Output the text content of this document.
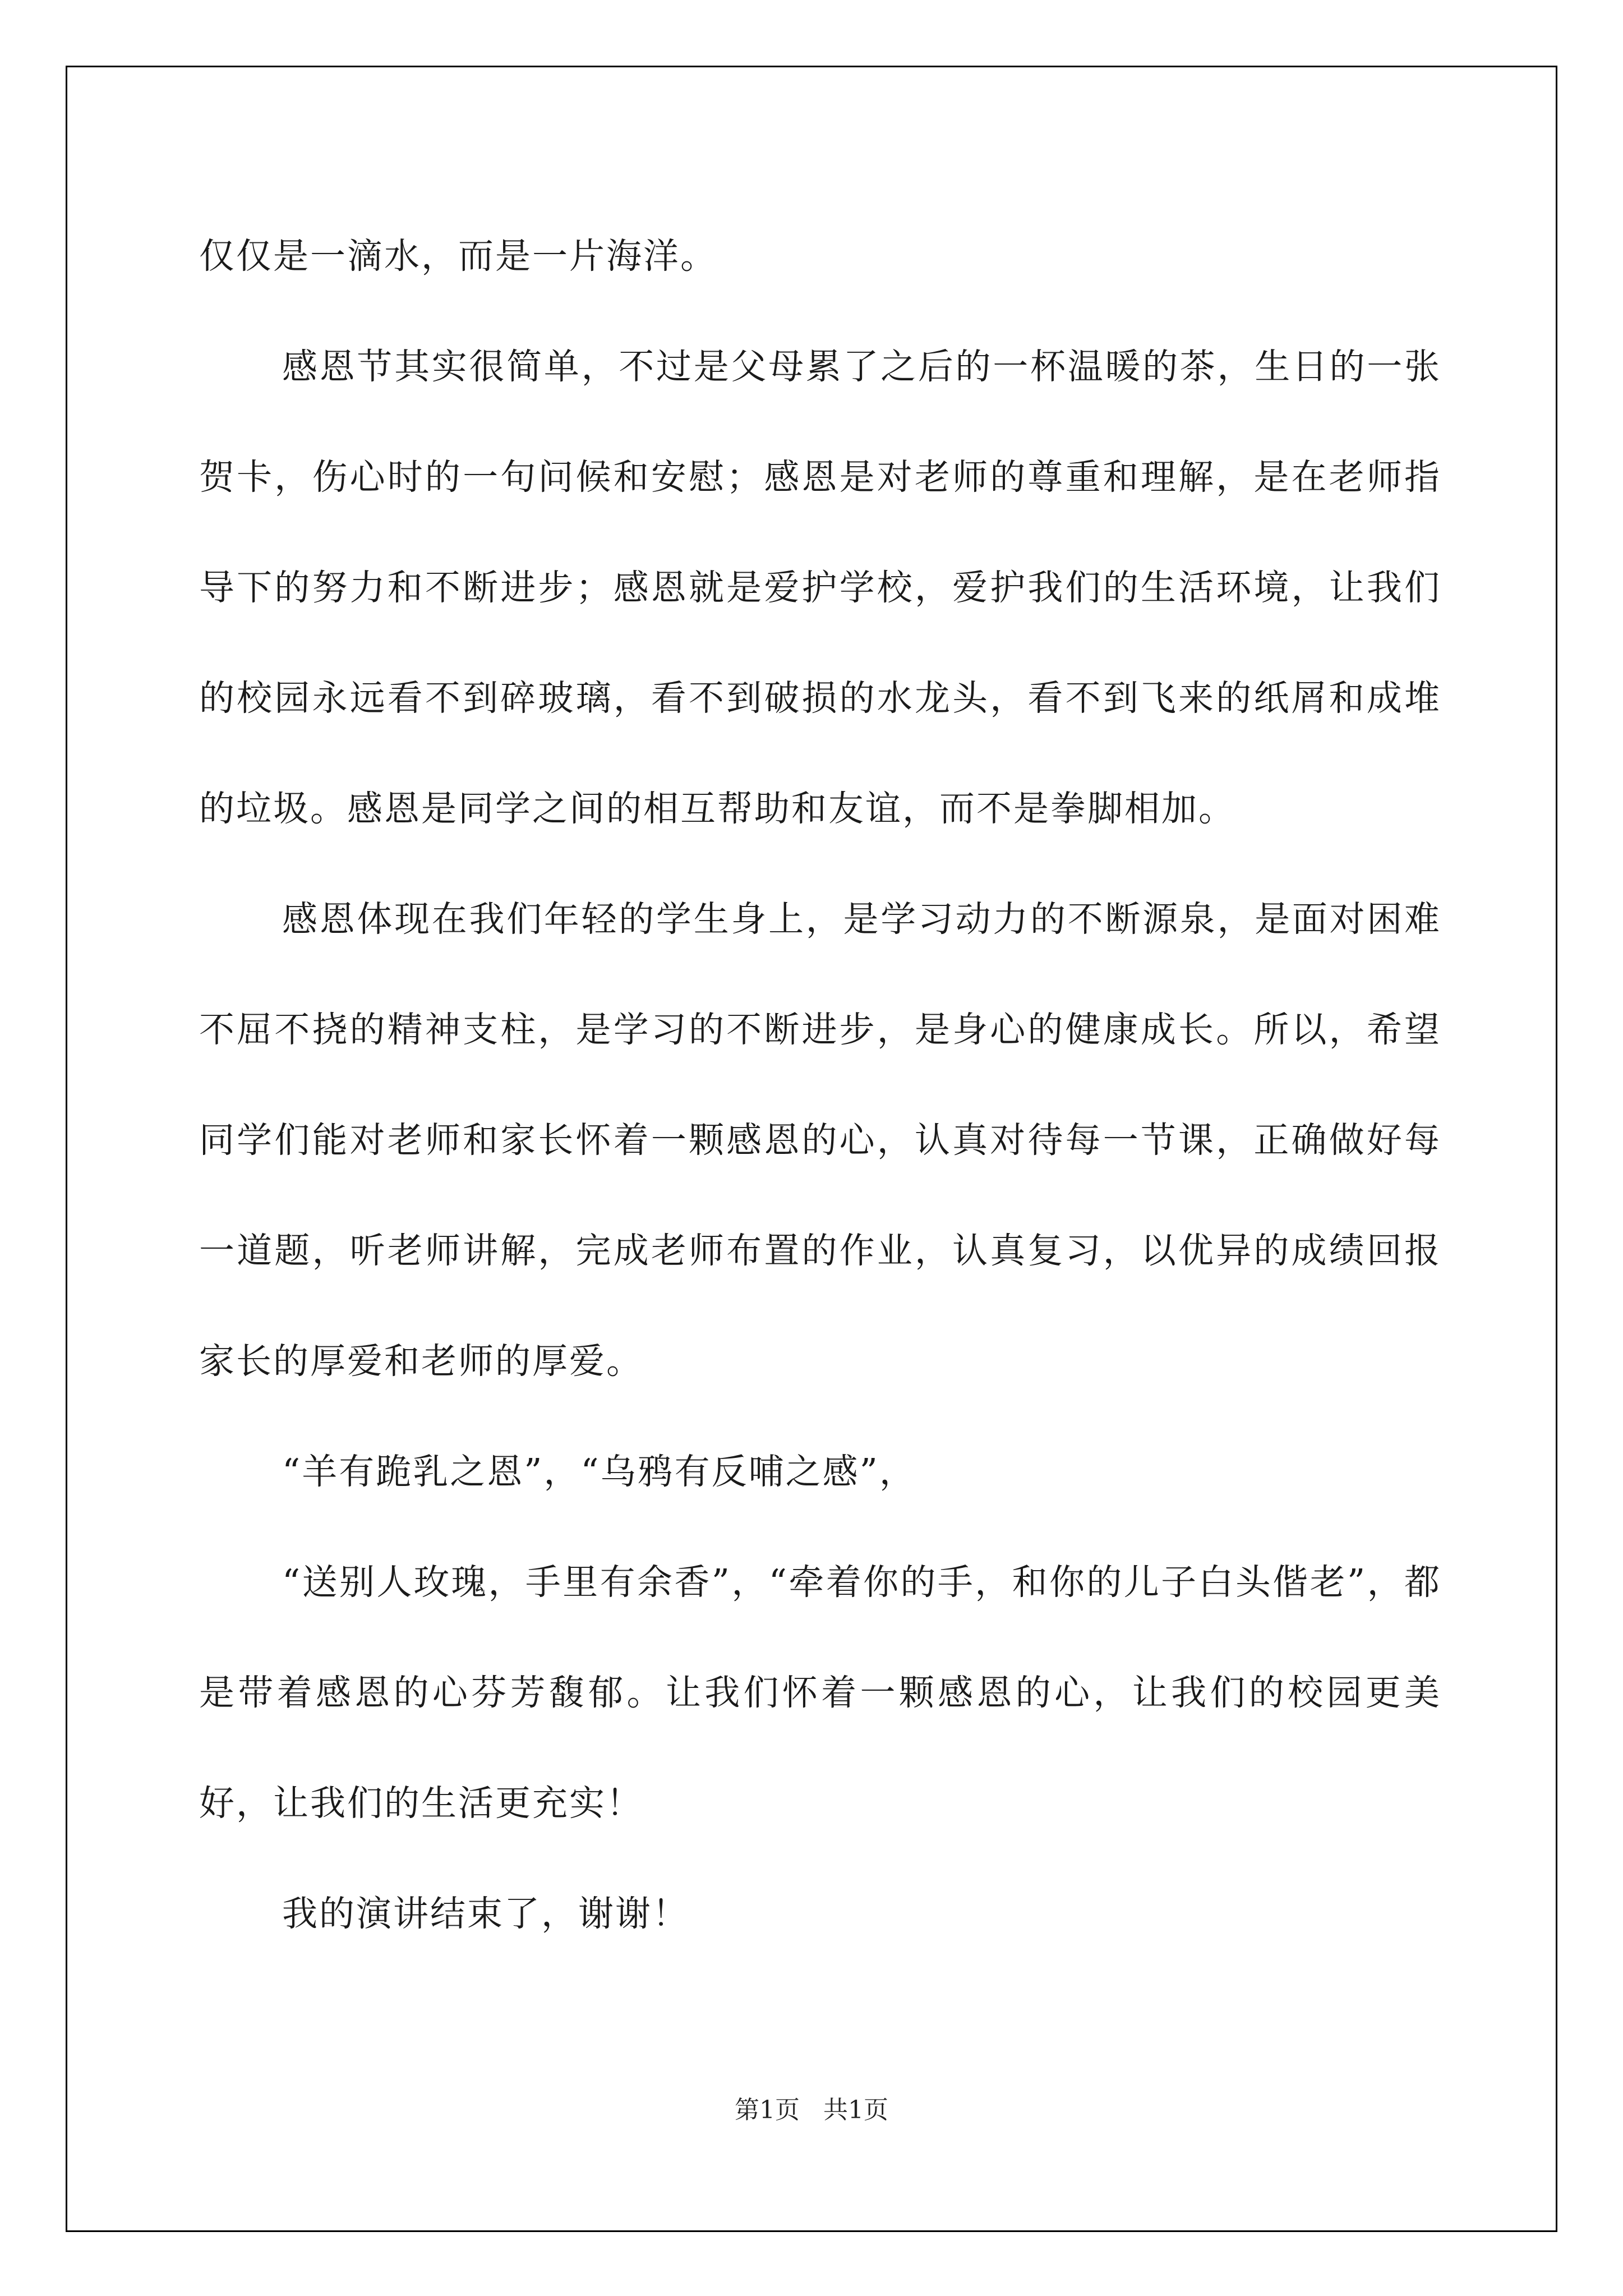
仅仅是一滴水，而是一片海洋。

感恩节其实很简单，不过是父母累了之后的一杯温暖的茶，生日的一张贺卡，伤心时的一句问候和安慰；感恩是对老师的尊重和理解，是在老师指导下的努力和不断进步；感恩就是爱护学校，爱护我们的生活环境，让我们的校园永远看不到碎玻璃，看不到破损的水龙头，看不到飞来的纸屑和成堆的垃圾。感恩是同学之间的相互帮助和友谊，而不是拳脚相加。

感恩体现在我们年轻的学生身上，是学习动力的不断源泉，是面对困难不屈不挠的精神支柱，是学习的不断进步，是身心的健康成长。所以，希望同学们能对老师和家长怀着一颗感恩的心，认真对待每一节课，正确做好每一道题，听老师讲解，完成老师布置的作业，认真复习，以优异的成绩回报家长的厚爱和老师的厚爱。

“羊有跪乳之恩”，“乌鸦有反哺之感”，

“送别人玫瑰，手里有余香”，“牵着你的手，和你的儿子白头偕老”，都是带着感恩的心芬芳馥郁。让我们怀着一颗感恩的心，让我们的校园更美好，让我们的生活更充实！

我的演讲结束了，谢谢！

第1页   共1页
